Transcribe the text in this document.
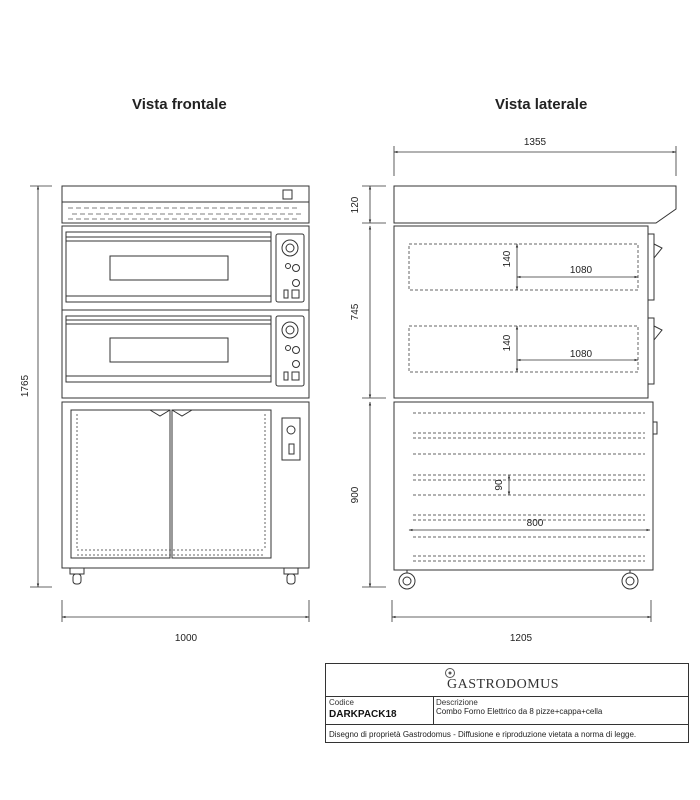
Vista frontale	Vista laterale
1765
1000
1355
1205
120
745
900
140
1080
140
1080
90
800
GASTRODOMUS
Codice
DARKPACK18
Descrizione
Combo Forno Elettrico da 8 pizze+cappa+cella
Disegno di proprietà Gastrodomus - Diffusione e riproduzione vietata a norma di legge.
